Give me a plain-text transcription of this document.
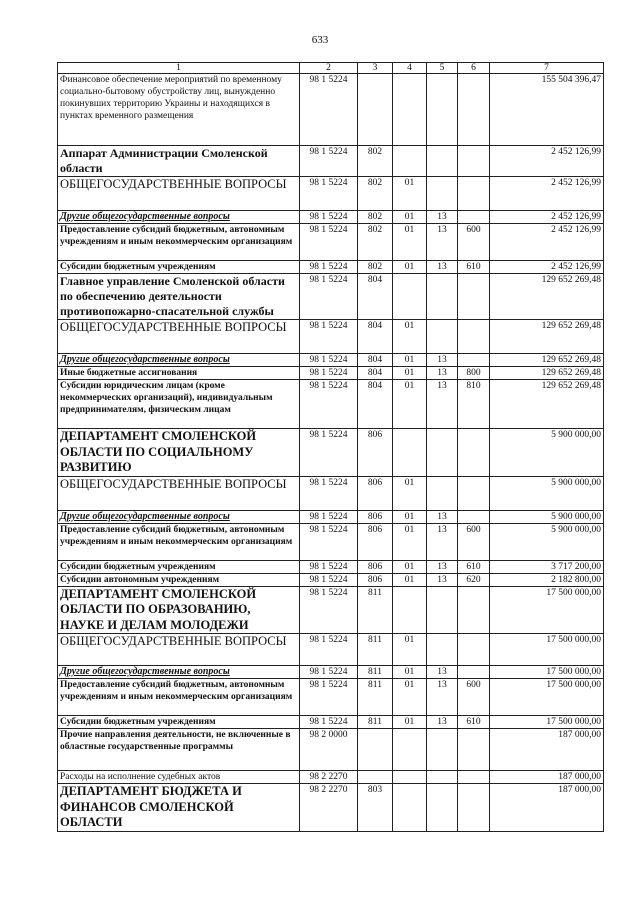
633
1	2	3	4	5	6	7
Финансовое обеспечение мероприятий по временному социально-бытовому обустройству лиц, вынужденно покинувших территорию Украины и находящихся в пунктах временного размещения	98 1 5224					155 504 396,47
Аппарат Администрации Смоленской области	98 1 5224	802				2 452 126,99
ОБЩЕГОСУДАРСТВЕННЫЕ ВОПРОСЫ	98 1 5224	802	01			2 452 126,99
Другие общегосударственные вопросы	98 1 5224	802	01	13		2 452 126,99
Предоставление субсидий бюджетным, автономным учреждениям и иным некоммерческим организациям	98 1 5224	802	01	13	600	2 452 126,99
Субсидии бюджетным учреждениям	98 1 5224	802	01	13	610	2 452 126,99
Главное управление Смоленской области по обеспечению деятельности противопожарно-спасательной службы	98 1 5224	804				129 652 269,48
ОБЩЕГОСУДАРСТВЕННЫЕ ВОПРОСЫ	98 1 5224	804	01			129 652 269,48
Другие общегосударственные вопросы	98 1 5224	804	01	13		129 652 269,48
Иные бюджетные ассигнования	98 1 5224	804	01	13	800	129 652 269,48
Субсидии юридическим лицам (кроме некоммерческих организаций), индивидуальным предпринимателям, физическим лицам	98 1 5224	804	01	13	810	129 652 269,48
ДЕПАРТАМЕНТ СМОЛЕНСКОЙ ОБЛАСТИ ПО СОЦИАЛЬНОМУ РАЗВИТИЮ	98 1 5224	806				5 900 000,00
ОБЩЕГОСУДАРСТВЕННЫЕ ВОПРОСЫ	98 1 5224	806	01			5 900 000,00
Другие общегосударственные вопросы	98 1 5224	806	01	13		5 900 000,00
Предоставление субсидий бюджетным, автономным учреждениям и иным некоммерческим организациям	98 1 5224	806	01	13	600	5 900 000,00
Субсидии бюджетным учреждениям	98 1 5224	806	01	13	610	3 717 200,00
Субсидии автономным учреждениям	98 1 5224	806	01	13	620	2 182 800,00
ДЕПАРТАМЕНТ СМОЛЕНСКОЙ ОБЛАСТИ ПО ОБРАЗОВАНИЮ, НАУКЕ И ДЕЛАМ МОЛОДЕЖИ	98 1 5224	811				17 500 000,00
ОБЩЕГОСУДАРСТВЕННЫЕ ВОПРОСЫ	98 1 5224	811	01			17 500 000,00
Другие общегосударственные вопросы	98 1 5224	811	01	13		17 500 000,00
Предоставление субсидий бюджетным, автономным учреждениям и иным некоммерческим организациям	98 1 5224	811	01	13	600	17 500 000,00
Субсидии бюджетным учреждениям	98 1 5224	811	01	13	610	17 500 000,00
Прочие направления деятельности, не включенные в областные государственные программы	98 2 0000					187 000,00
Расходы на исполнение судебных актов	98 2 2270					187 000,00
ДЕПАРТАМЕНТ БЮДЖЕТА И ФИНАНСОВ СМОЛЕНСКОЙ ОБЛАСТИ	98 2 2270	803				187 000,00
